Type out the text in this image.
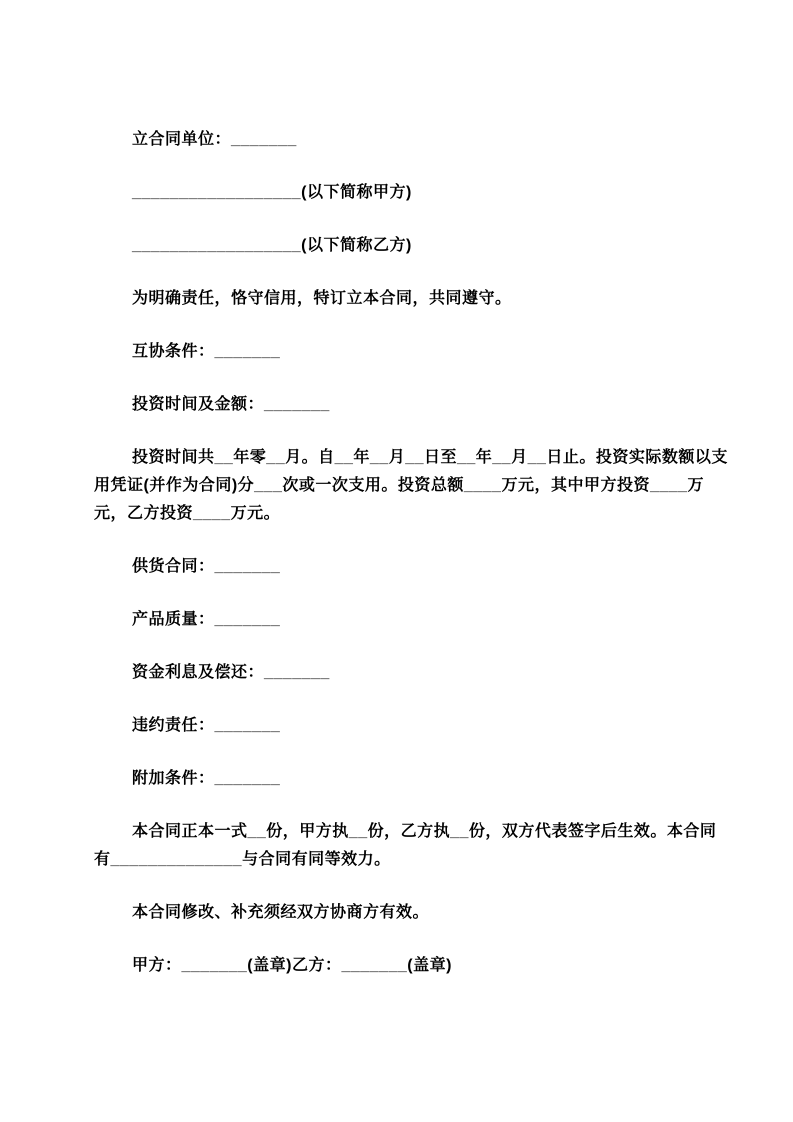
立合同单位：_______
__________________(以下简称甲方)
__________________(以下简称乙方)
为明确责任，恪守信用，特订立本合同，共同遵守。
互协条件：_______
投资时间及金额：_______
投资时间共__年零__月。自__年__月__日至__年__月__日止。投资实际数额以支
用凭证(并作为合同)分___次或一次支用。投资总额____万元，其中甲方投资____万
元，乙方投资____万元。
供货合同：_______
产品质量：_______
资金利息及偿还：_______
违约责任：_______
附加条件：_______
本合同正本一式__份，甲方执__份，乙方执__份，双方代表签字后生效。本合同
有______________与合同有同等效力。
本合同修改、补充须经双方协商方有效。
甲方：_______(盖章)乙方：_______(盖章)
